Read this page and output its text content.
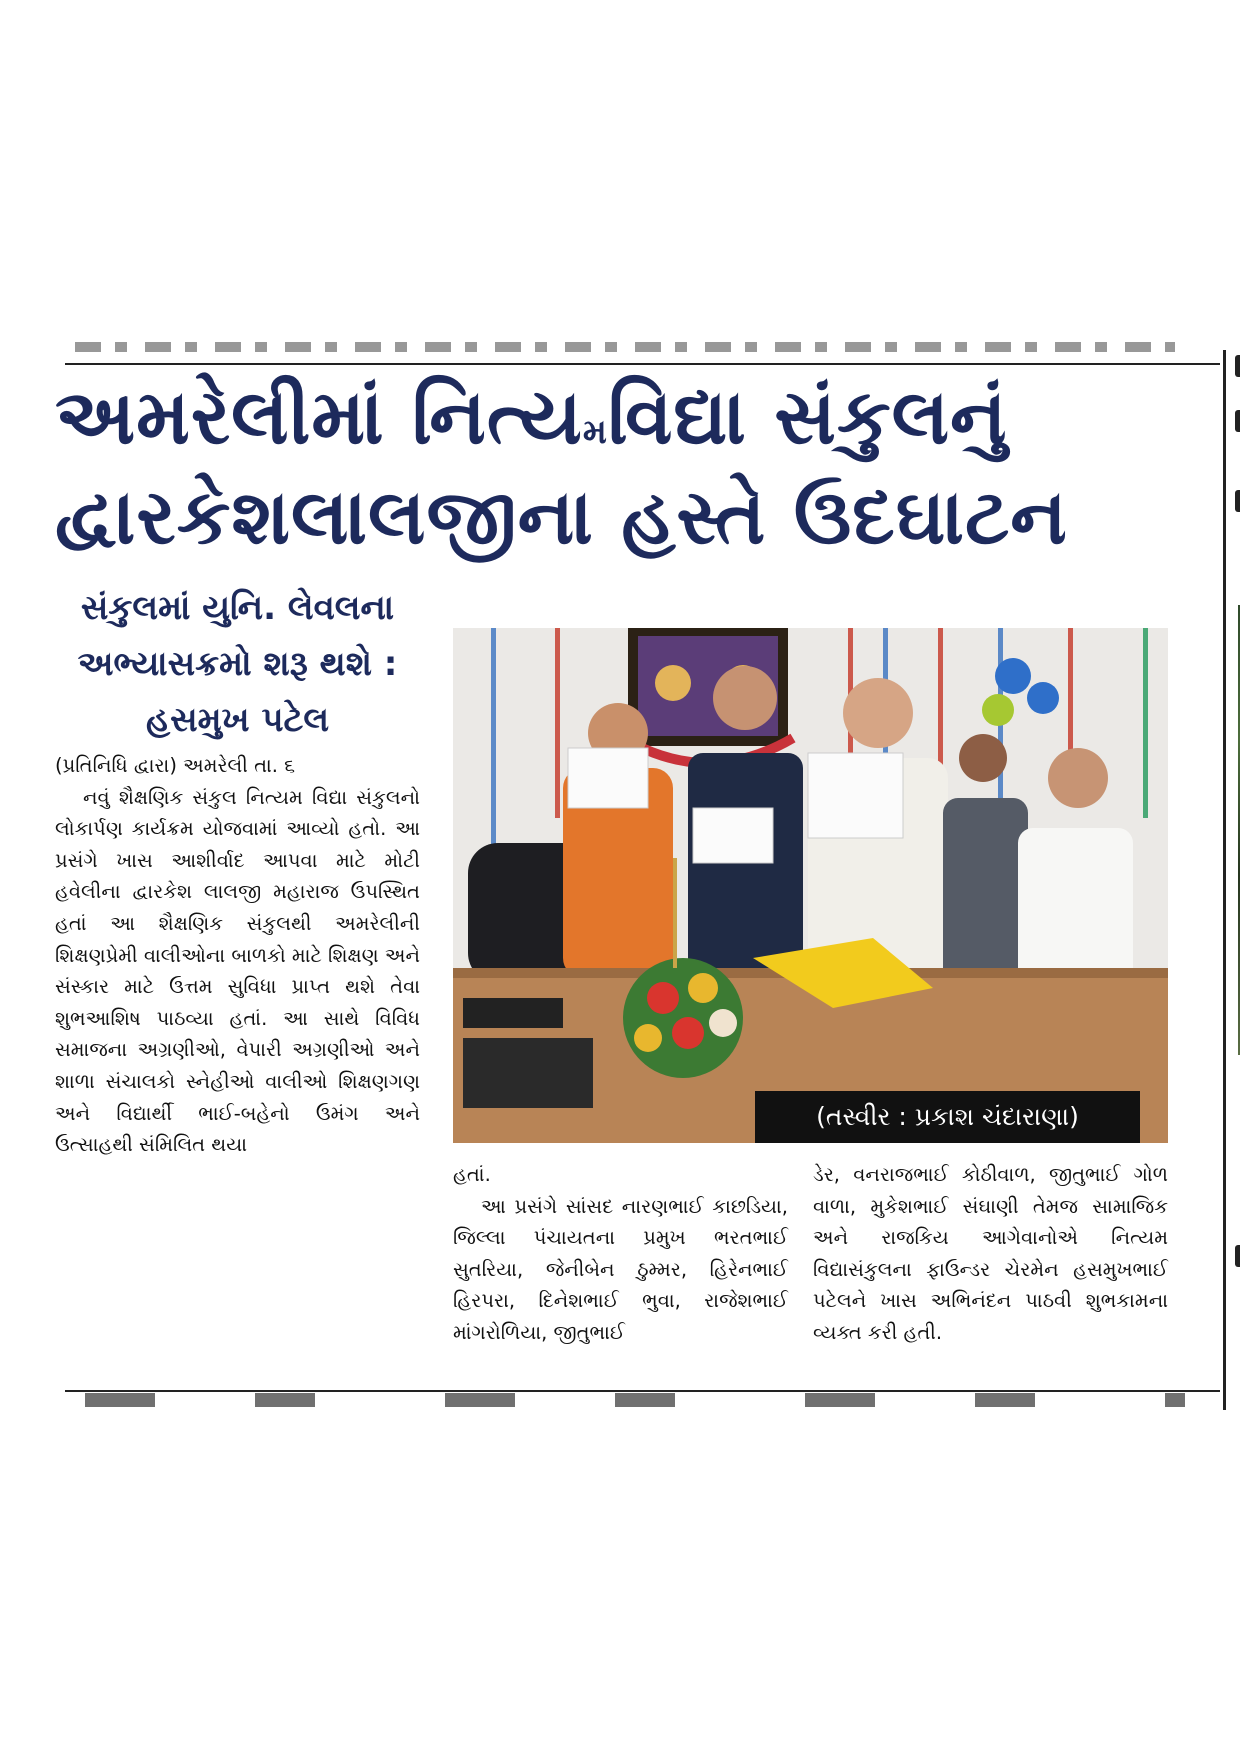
અમરેલીમાં નિત્યમવિદ્યા સંકુલનું
દ્વારકેશલાલજીના હસ્તે ઉદઘાટન
સંકુલમાં યુનિ. લેવલના
અભ્યાસક્રમો શરૂ થશે :
હસમુખ પટેલ
(પ્રતિનિધિ દ્વારા) અમરેલી તા. ૬
નવું શૈક્ષણિક સંકુલ નિત્યમ વિદ્યા સંકુલનો લોકાર્પણ કાર્યક્રમ યોજવામાં આવ્યો હતો. આ પ્રસંગે ખાસ આશીર્વાદ આપવા માટે મોટી હવેલીના દ્વારકેશ લાલજી મહારાજ ઉપસ્થિત હતાં આ શૈક્ષણિક સંકુલથી અમરેલીની શિક્ષણપ્રેમી વાલીઓના બાળકો માટે શિક્ષણ અને સંસ્કાર માટે ઉત્તમ સુવિધા પ્રાપ્ત થશે તેવા શુભઆશિષ પાઠવ્યા હતાં. આ સાથે વિવિધ સમાજના અગ્રણીઓ, વેપારી અગ્રણીઓ અને શાળા સંચાલકો સ્નેહીઓ વાલીઓ શિક્ષણગણ અને વિદ્યાર્થી ભાઈ-બહેનો ઉમંગ અને ઉત્સાહથી સંમિલિત થયા
(તસ્વીર : પ્રકાશ ચંદારાણા)
હતાં.
આ પ્રસંગે સાંસદ નારણભાઈ કાછડિયા, જિલ્લા પંચાયતના પ્રમુખ ભરતભાઈ સુતરિયા, જેનીબેન ઠુમ્મર, હિરેનભાઈ હિરપરા, દિનેશભાઈ ભુવા, રાજેશભાઈ માંગરોળિયા, જીતુભાઈ
ડેર, વનરાજભાઈ કોઠીવાળ, જીતુભાઈ ગોળ વાળા, મુકેશભાઈ સંઘાણી તેમજ સામાજિક અને રાજકિય આગેવાનોએ નિત્યમ વિદ્યાસંકુલના ફાઉન્ડર ચેરમેન હસમુખભાઈ પટેલને ખાસ અભિનંદન પાઠવી શુભકામના વ્યક્ત કરી હતી.
